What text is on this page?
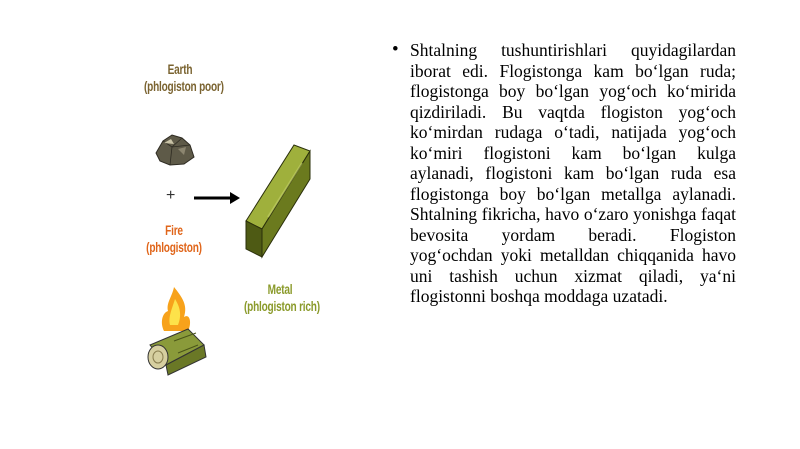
Earth
(phlogiston poor)
+
Fire
(phlogiston)
Metal
(phlogiston rich)
• Shtalning tushuntirishlari quyidagilardan iborat edi. Flogistonga kam bo‘lgan ruda; flogistonga boy bo‘lgan yog‘och ko‘mirida qizdiriladi. Bu vaqtda flogiston yog‘och ko‘mirdan rudaga o‘tadi, natijada yog‘och ko‘miri flogistoni kam bo‘lgan kulga aylanadi, flogistoni kam bo‘lgan ruda esa flogistonga boy bo‘lgan metallga aylanadi. Shtalning fikricha, havo o‘zaro yonishga faqat bevosita yordam beradi. Flogiston yog‘ochdan yoki metalldan chiqqanida havo uni tashish uchun xizmat qiladi, ya‘ni flogistonni boshqa moddaga uzatadi.
